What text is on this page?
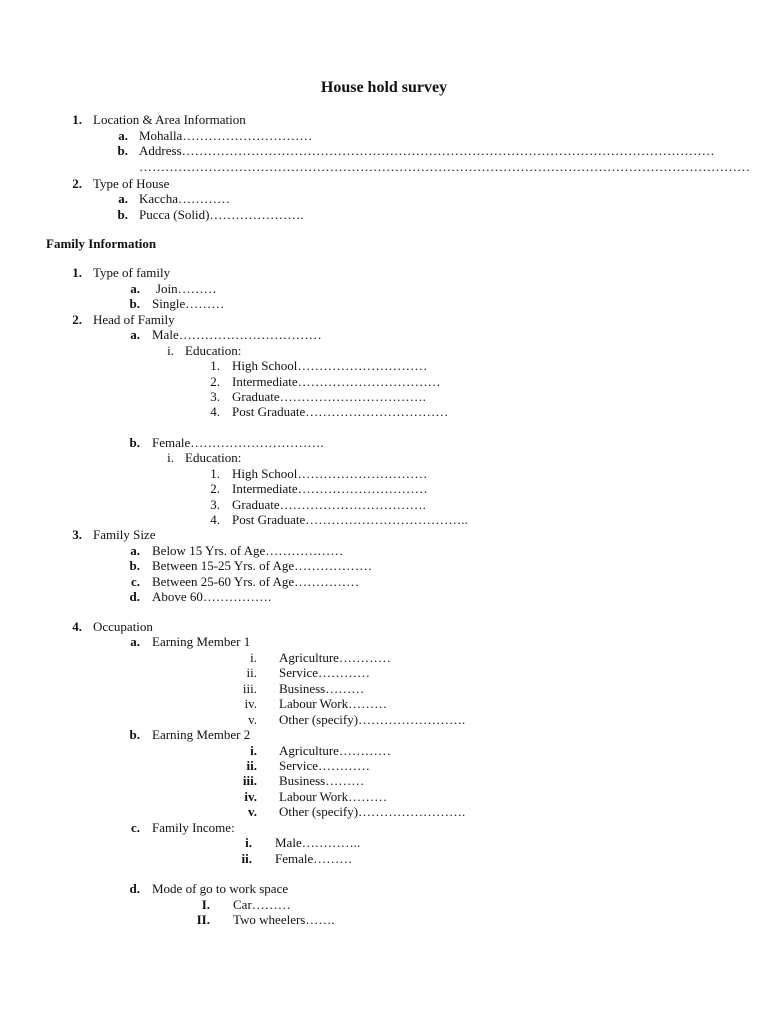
House hold survey

1.

Location & Area Information

a.

Mohalla…………………………

b.

Address……………………………………………………………………………………………………………

……………………………………………………………………………………………………………………………

2.

Type of House

a.

Kaccha…………

b.

Pucca (Solid)………………….

Family Information

1.

Type of family

a.

Join………

b.

Single………

2.

Head of Family

a.

Male……………………………

i.

Education:

1.

High School…………………………

2.

Intermediate……………………………

3.

Graduate…………………………….

4.

Post Graduate……………………………

b.

Female………………………….

i.

Education:

1.

High School…………………………

2.

Intermediate…………………………

3.

Graduate…………………………….

4.

Post Graduate………………………………..

3.

Family Size

a.

Below 15 Yrs. of Age………………

b.

Between 15-25 Yrs. of Age………………

c.

Between 25-60 Yrs. of Age……………

d.

Above 60…………….

4.

Occupation

a.

Earning Member 1

i.

Agriculture…………

ii.

Service…………

iii.

Business………

iv.

Labour Work………

v.

Other (specify)…………………….

b.

Earning Member 2

i.

Agriculture…………

ii.

Service…………

iii.

Business………

iv.

Labour Work………

v.

Other (specify)…………………….

c.

Family Income:

i.

Male…………..

ii.

Female………

d.

Mode of go to work space

I.

Car………

II.

Two wheelers…….
